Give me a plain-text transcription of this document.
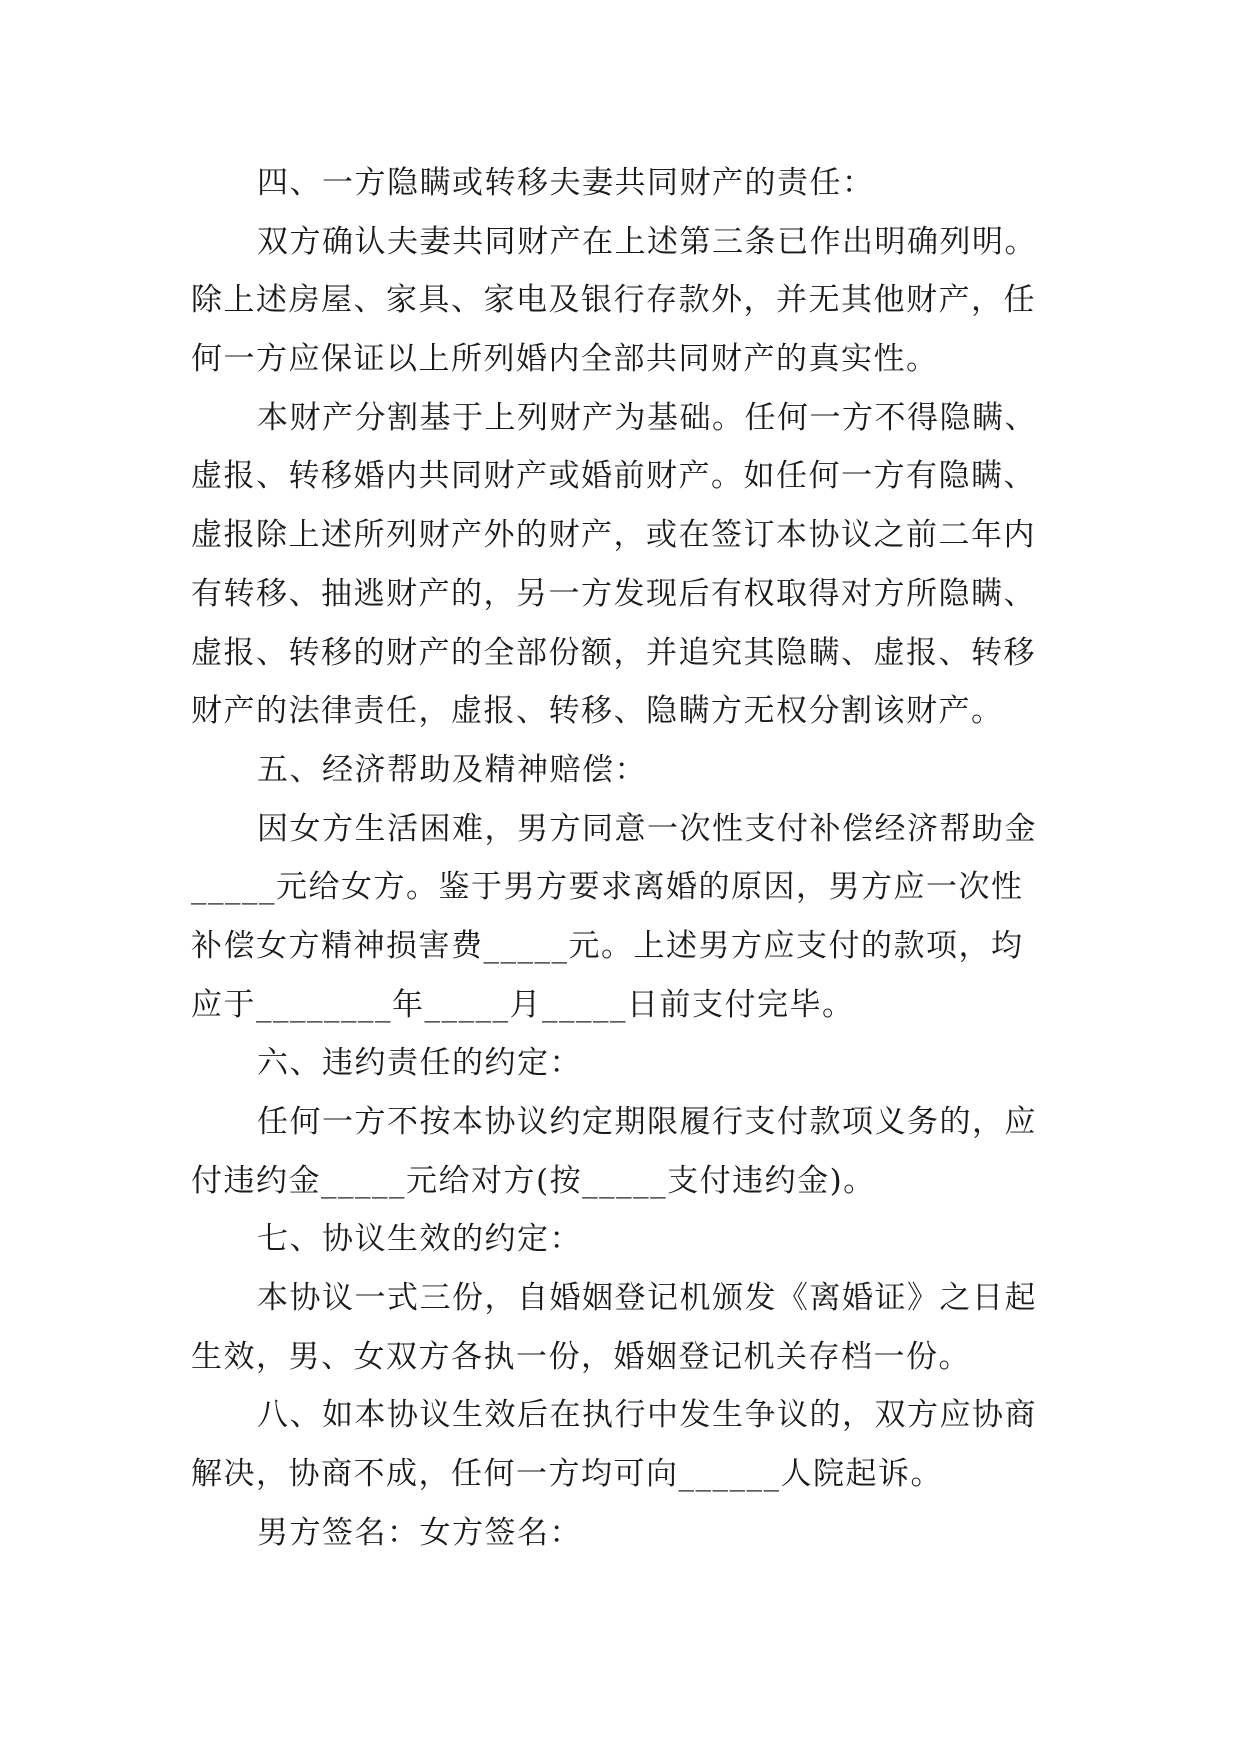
四、一方隐瞒或转移夫妻共同财产的责任：
双方确认夫妻共同财产在上述第三条已作出明确列明。
除上述房屋、家具、家电及银行存款外，并无其他财产，任
何一方应保证以上所列婚内全部共同财产的真实性。
本财产分割基于上列财产为基础。任何一方不得隐瞒、
虚报、转移婚内共同财产或婚前财产。如任何一方有隐瞒、
虚报除上述所列财产外的财产，或在签订本协议之前二年内
有转移、抽逃财产的，另一方发现后有权取得对方所隐瞒、
虚报、转移的财产的全部份额，并追究其隐瞒、虚报、转移
财产的法律责任，虚报、转移、隐瞒方无权分割该财产。
五、经济帮助及精神赔偿：
因女方生活困难，男方同意一次性支付补偿经济帮助金
_____元给女方。鉴于男方要求离婚的原因，男方应一次性
补偿女方精神损害费_____元。上述男方应支付的款项，均
应于________年_____月_____日前支付完毕。
六、违约责任的约定：
任何一方不按本协议约定期限履行支付款项义务的，应
付违约金_____元给对方(按_____支付违约金)。
七、协议生效的约定：
本协议一式三份，自婚姻登记机颁发《离婚证》之日起
生效，男、女双方各执一份，婚姻登记机关存档一份。
八、如本协议生效后在执行中发生争议的，双方应协商
解决，协商不成，任何一方均可向______人院起诉。
男方签名：女方签名：
